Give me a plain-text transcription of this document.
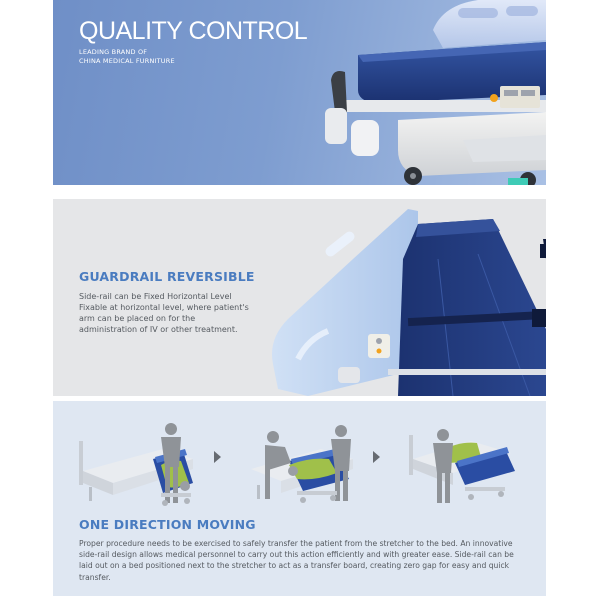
QUALITY CONTROL
LEADING BRAND OF
CHINA MEDICAL FURNITURE
GUARDRAIL REVERSIBLE
Side-rail can be Fixed Horizontal Level
Fixable at horizontal level, where patient's arm can be placed on for the administration of IV or other treatment.
ONE DIRECTION MOVING
Proper procedure needs to be exercised to safely transfer the patient from the stretcher to the bed. An innovative side-rail design allows medical personnel to carry out this action efficiently and with greater ease. Side-rail can be laid out on a bed positioned next to the stretcher to act as a transfer board, creating zero gap for easy and quick transfer.
